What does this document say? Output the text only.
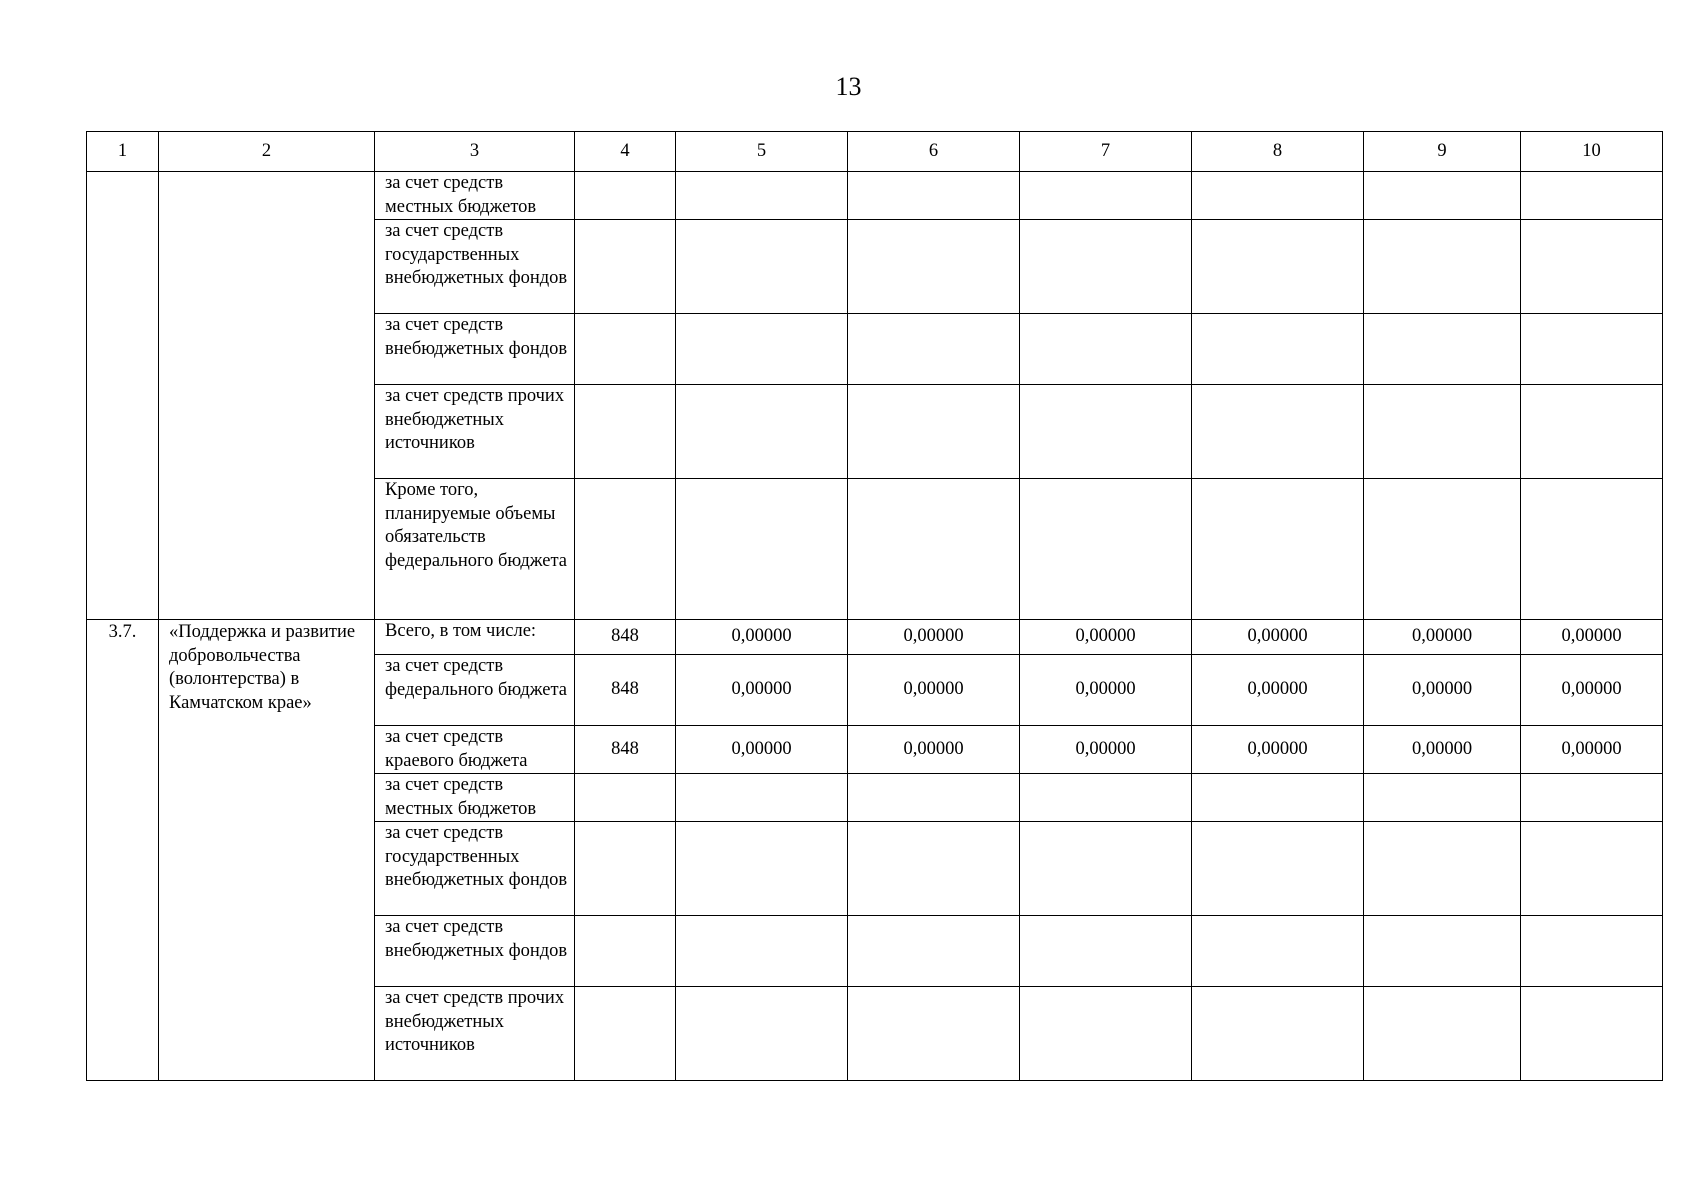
13
1	2	3	4	5	6	7	8	9	10
		за счет средств местных бюджетов							
		за счет средств государственных внебюджетных фондов							
		за счет средств внебюджетных фондов							
		за счет средств прочих внебюджетных источников							
		Кроме того, планируемые объемы обязательств федерального бюджета							
3.7.	«Поддержка и развитие добровольчества (волонтерства) в Камчатском крае»	Всего, в том числе:	848	0,00000	0,00000	0,00000	0,00000	0,00000	0,00000
		за счет средств федерального бюджета	848	0,00000	0,00000	0,00000	0,00000	0,00000	0,00000
		за счет средств краевого бюджета	848	0,00000	0,00000	0,00000	0,00000	0,00000	0,00000
		за счет средств местных бюджетов							
		за счет средств государственных внебюджетных фондов							
		за счет средств внебюджетных фондов							
		за счет средств прочих внебюджетных источников							
